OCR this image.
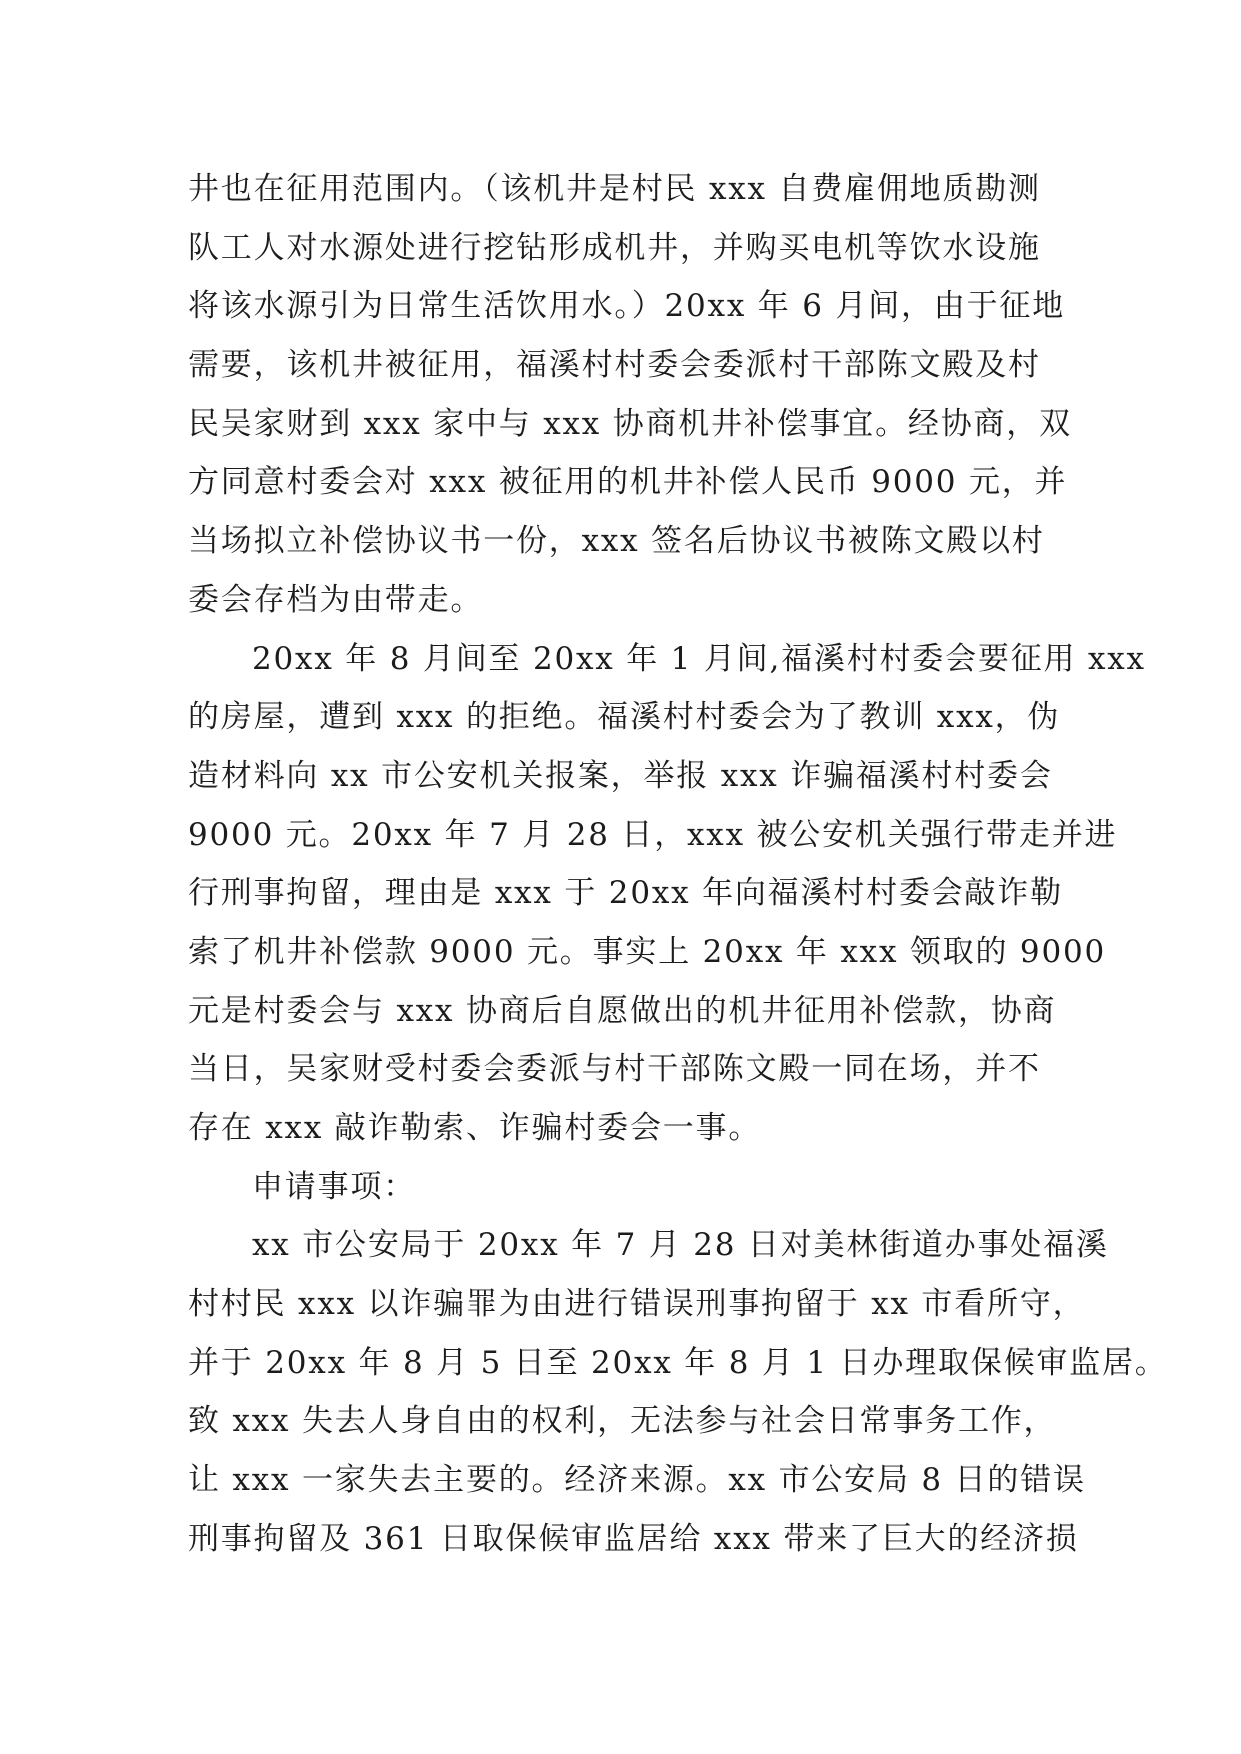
井也在征用范围内。（该机井是村民 xxx 自费雇佣地质勘测
队工人对水源处进行挖钻形成机井，并购买电机等饮水设施
将该水源引为日常生活饮用水。）20xx 年 6 月间，由于征地
需要，该机井被征用，福溪村村委会委派村干部陈文殿及村
民吴家财到 xxx 家中与 xxx 协商机井补偿事宜。经协商，双
方同意村委会对 xxx 被征用的机井补偿人民币 9000 元，并
当场拟立补偿协议书一份，xxx 签名后协议书被陈文殿以村
委会存档为由带走。
20xx 年 8 月间至 20xx 年 1 月间,福溪村村委会要征用 xxx
的房屋，遭到 xxx 的拒绝。福溪村村委会为了教训 xxx，伪
造材料向 xx 市公安机关报案，举报 xxx 诈骗福溪村村委会
9000 元。20xx 年 7 月 28 日，xxx 被公安机关强行带走并进
行刑事拘留，理由是 xxx 于 20xx 年向福溪村村委会敲诈勒
索了机井补偿款 9000 元。事实上 20xx 年 xxx 领取的 9000
元是村委会与 xxx 协商后自愿做出的机井征用补偿款，协商
当日，吴家财受村委会委派与村干部陈文殿一同在场，并不
存在 xxx 敲诈勒索、诈骗村委会一事。
申请事项：
xx 市公安局于 20xx 年 7 月 28 日对美林街道办事处福溪
村村民 xxx 以诈骗罪为由进行错误刑事拘留于 xx 市看所守，
并于 20xx 年 8 月 5 日至 20xx 年 8 月 1 日办理取保候审监居。
致 xxx 失去人身自由的权利，无法参与社会日常事务工作，
让 xxx 一家失去主要的。经济来源。xx 市公安局 8 日的错误
刑事拘留及 361 日取保候审监居给 xxx 带来了巨大的经济损
